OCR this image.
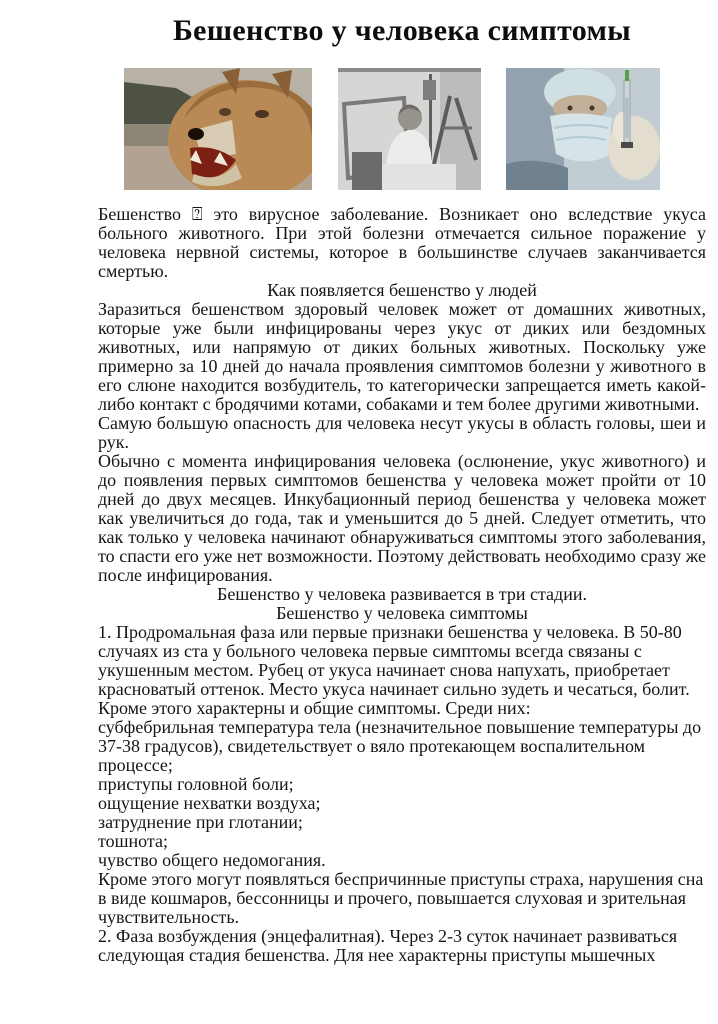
Бешенство у человека симптомы

Бешенство ⍰ это вирусное заболевание. Возникает оно вследствие укуса больного животного. При этой болезни отмечается сильное поражение у человека нервной системы, которое в большинстве случаев заканчивается смертью.

Как появляется бешенство у людей

Заразиться бешенством здоровый человек может от домашних животных, которые уже были инфицированы через укус от диких или бездомных животных, или напрямую от диких больных животных. Поскольку уже примерно за 10 дней до начала проявления симптомов болезни у животного в его слюне находится возбудитель, то категорически запрещается иметь какой-либо контакт с бродячими котами, собаками и тем более другими животными.

Самую большую опасность для человека несут укусы в область головы, шеи и рук.

Обычно с момента инфицирования человека (ослюнение, укус животного) и до появления первых симптомов бешенства у человека может пройти от 10 дней до двух месяцев. Инкубационный период бешенства у человека может как увеличиться до года, так и уменьшится до 5 дней. Следует отметить, что как только у человека начинают обнаруживаться симптомы этого заболевания, то спасти его уже нет возможности. Поэтому действовать необходимо сразу же после инфицирования.

Бешенство у человека развивается в три стадии.

Бешенство у человека симптомы

1. Продромальная фаза или первые признаки бешенства у человека. В 50-80 случаях из ста у больного человека первые симптомы всегда связаны с укушенным местом. Рубец от укуса начинает снова напухать, приобретает красноватый оттенок. Место укуса начинает сильно зудеть и чесаться, болит.

Кроме этого характерны и общие симптомы. Среди них:

субфебрильная температура тела (незначительное повышение температуры до 37-38 градусов), свидетельствует о вяло протекающем воспалительном процессе;

приступы головной боли;

ощущение нехватки воздуха;

затруднение при глотании;

тошнота;

чувство общего недомогания.

Кроме этого могут появляться беспричинные приступы страха, нарушения сна в виде кошмаров, бессонницы и прочего, повышается слуховая и зрительная чувствительность.

2. Фаза возбуждения (энцефалитная). Через 2-3 суток начинает развиваться следующая стадия бешенства. Для нее характерны приступы мышечных
